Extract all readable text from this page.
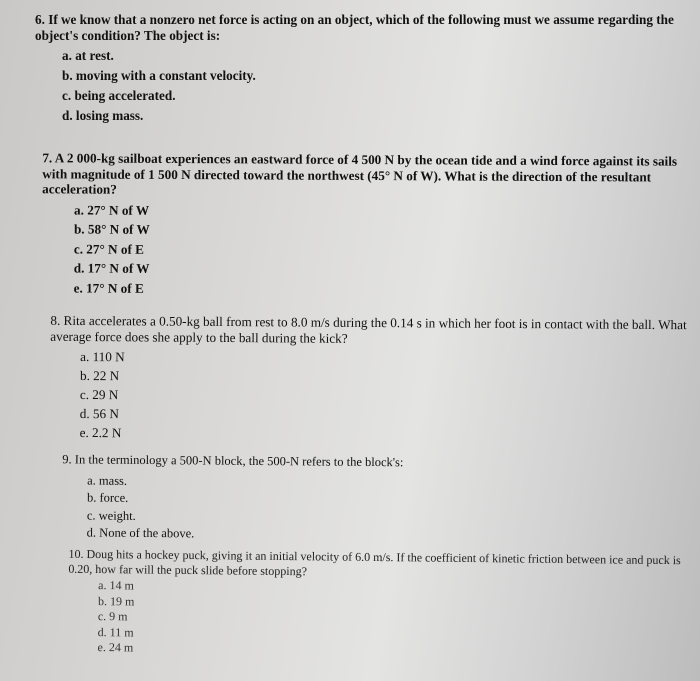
6. If we know that a nonzero net force is acting on an object, which of the following must we assume regarding the object's condition? The object is:

a. at rest.

b. moving with a constant velocity.

c. being accelerated.

d. losing mass.

7. A 2 000-kg sailboat experiences an eastward force of 4 500 N by the ocean tide and a wind force against its sails with magnitude of 1 500 N directed toward the northwest (45° N of W). What is the direction of the resultant acceleration?

a. 27° N of W

b. 58° N of W

c. 27° N of E

d. 17° N of W

e. 17° N of E

8. Rita accelerates a 0.50-kg ball from rest to 8.0 m/s during the 0.14 s in which her foot is in contact with the ball. What average force does she apply to the ball during the kick?

a. 110 N

b. 22 N

c. 29 N

d. 56 N

e. 2.2 N

9. In the terminology a 500-N block, the 500-N refers to the block's:

a. mass.

b. force.

c. weight.

d. None of the above.

10. Doug hits a hockey puck, giving it an initial velocity of 6.0 m/s. If the coefficient of kinetic friction between ice and puck is 0.20, how far will the puck slide before stopping?

a. 14 m

b. 19 m

c. 9 m

d. 11 m

e. 24 m
